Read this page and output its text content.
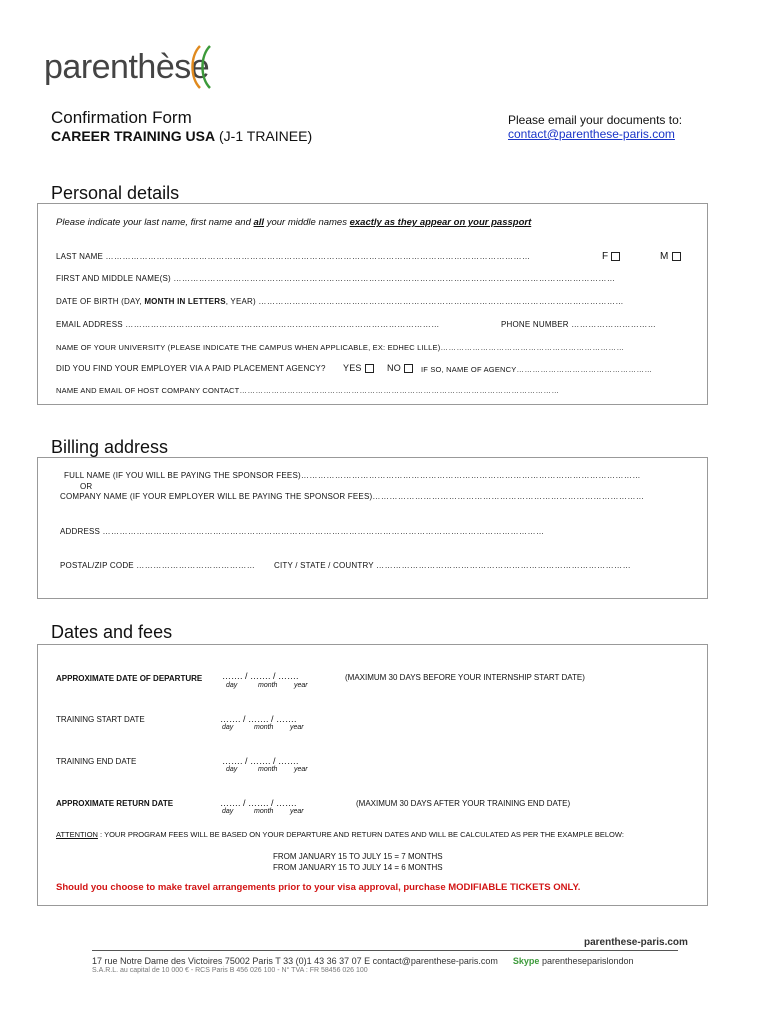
parenthèse
Confirmation Form
CAREER TRAINING USA (J-1 TRAINEE)
Please email your documents to:
contact@parenthese-paris.com
Personal details
Please indicate your last name, first name and all your middle names exactly as they appear on your passport
LAST NAME ……………………………………………………………………………………………………………………………………	F	M
FIRST AND MIDDLE NAME(S) …………………………………………………………………………………………………………………………………………
DATE OF BIRTH (DAY, MONTH IN LETTERS, YEAR) …………………………………………………………………………………………………………………
EMAIL ADDRESS …………………………………………………………………………………………………	PHONE NUMBER …………………………
NAME OF YOUR UNIVERSITY (PLEASE INDICATE THE CAMPUS WHEN APPLICABLE, EX: EDHEC LILLE)……………………………………………………………
DID YOU FIND YOUR EMPLOYER VIA A PAID PLACEMENT AGENCY? YES	NO	IF SO, NAME OF AGENCY……………………………………………
NAME AND EMAIL OF HOST COMPANY CONTACT…………………………………………………………………………………………………………
Billing address
FULL NAME (IF YOU WILL BE PAYING THE SPONSOR FEES)…………………………………………………………………………………………………………
OR
COMPANY NAME (IF YOUR EMPLOYER WILL BE PAYING THE SPONSOR FEES)……………………………………………………………………………………
ADDRESS …………………………………………………………………………………………………………………………………………
POSTAL/ZIP CODE …………………………………… CITY / STATE / COUNTRY ………………………………………………………………………………
Dates and fees
APPROXIMATE DATE OF DEPARTURE ……. / ……. / …….
day	month year
(MAXIMUM 30 DAYS BEFORE YOUR INTERNSHIP START DATE)
TRAINING START DATE	……. / ……. / …….
day	month year
TRAINING END DATE	……. / ……. / …….
day	month year
APPROXIMATE RETURN DATE	……. / ……. / …….
day	month year
(MAXIMUM 30 DAYS AFTER YOUR TRAINING END DATE)
ATTENTION : YOUR PROGRAM FEES WILL BE BASED ON YOUR DEPARTURE AND RETURN DATES AND WILL BE CALCULATED AS PER THE EXAMPLE BELOW:
FROM JANUARY 15 TO JULY 15 = 7 MONTHS
FROM JANUARY 15 TO JULY 14 = 6 MONTHS
Should you choose to make travel arrangements prior to your visa approval, purchase MODIFIABLE TICKETS ONLY.
parenthese-paris.com
17 rue Notre Dame des Victoires 75002 Paris T 33 (0)1 43 36 37 07 E contact@parenthese-paris.com Skype parentheseparislondon
S.A.R.L. au capital de 10 000 € - RCS Paris B 456 026 100 - N° TVA : FR 58456 026 100
